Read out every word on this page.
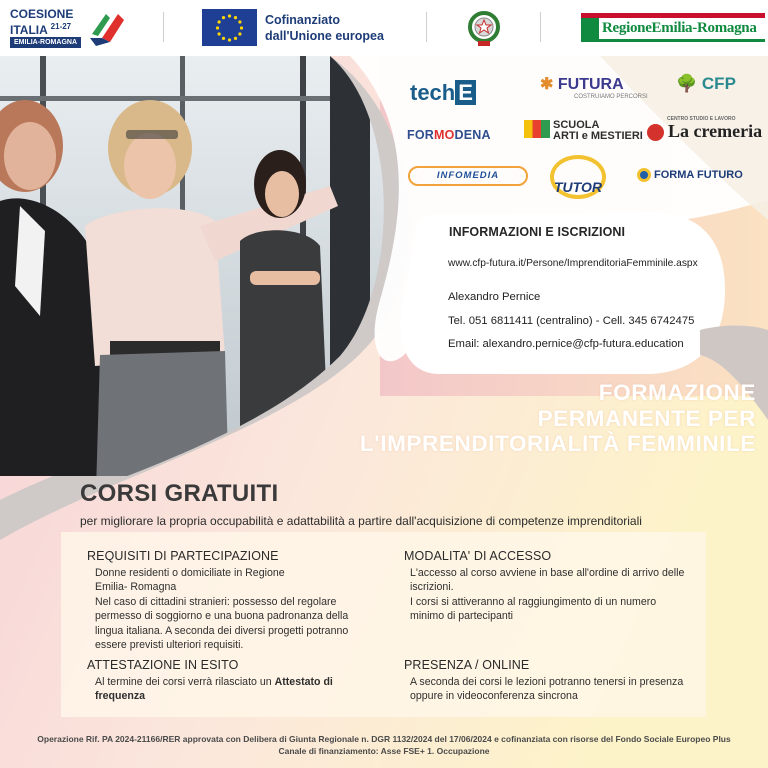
COESIONE
ITALIA $^{21-27}$
EMILIA-ROMAGNA
Cofinanziato
dall'Unione europea	RegioneEmilia-Romagna
tech E	✱ FUTURA
COSTRUIAMO PERCORSI
🌳 CFP
FORMODENA
SCUOLA
ARTI e MESTIERI
CENTRO STUDIO E LAVORO
La cremeria
INFOMEDIA
TUTOR
FORMA FUTURO
INFORMAZIONI E ISCRIZIONI
www.cfp-futura.it/Persone/ImprenditoriaFemminile.aspx
Alexandro Pernice
Tel. 051 6811411 (centralino) - Cell. 345 6742475
Email: alexandro.pernice@cfp-futura.education
FORMAZIONE
PERMANENTE PER
L'IMPRENDITORIALITÀ FEMMINILE
CORSI GRATUITI
per migliorare la propria occupabilità e adattabilità a partire dall'acquisizione di competenze imprenditoriali
REQUISITI DI PARTECIPAZIONE
Donne residenti o domiciliate in Regione
Emilia- Romagna
Nel caso di cittadini stranieri: possesso del regolare permesso di soggiorno e una buona padronanza della lingua italiana. A seconda dei diversi progetti potranno essere previsti ulteriori requisiti.
MODALITA' DI ACCESSO
L'accesso al corso avviene in base all'ordine di arrivo delle iscrizioni.
I corsi si attiveranno al raggiungimento di un numero minimo di partecipanti
ATTESTAZIONE IN ESITO
Al termine dei corsi verrà rilasciato un Attestato di frequenza
PRESENZA / ONLINE
A seconda dei corsi le lezioni potranno tenersi in presenza oppure in videoconferenza sincrona
Operazione Rif. PA 2024-21166/RER approvata con Delibera di Giunta Regionale n. DGR 1132/2024 del 17/06/2024 e cofinanziata con risorse del Fondo Sociale Europeo Plus
Canale di finanziamento: Asse FSE+ 1. Occupazione
